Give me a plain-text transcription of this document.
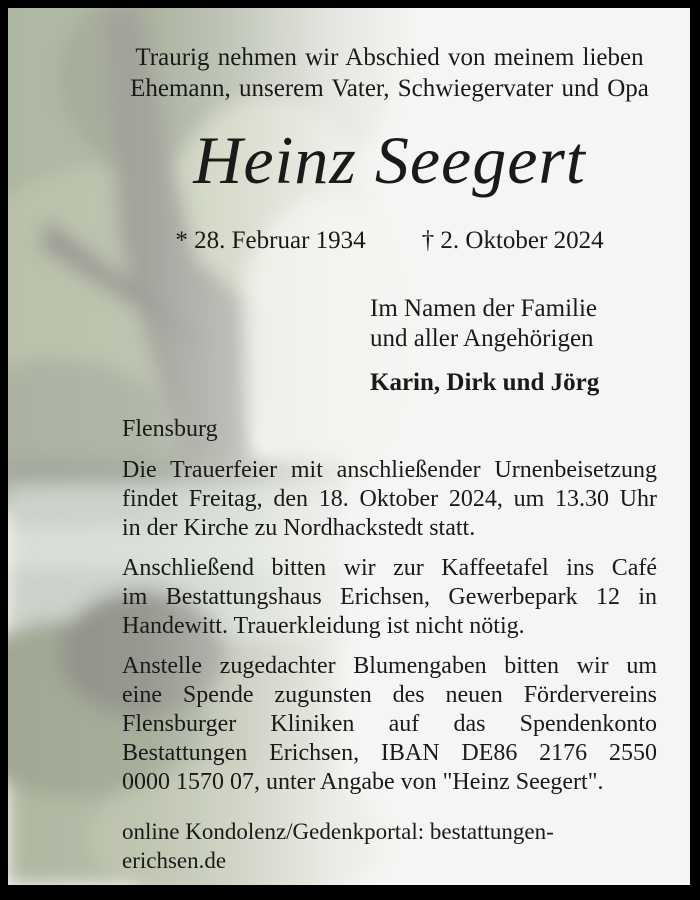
Traurig nehmen wir Abschied von meinem lieben
Ehemann, unserem Vater, Schwiegervater und Opa
Heinz Seegert
* 28. Februar 1934 † 2. Oktober 2024
Im Namen der Familie
und aller Angehörigen
Karin, Dirk und Jörg
Flensburg
Die Trauerfeier mit anschließender Urnenbeisetzung
findet Freitag, den 18. Oktober 2024, um 13.30 Uhr
in der Kirche zu Nordhackstedt statt.
Anschließend bitten wir zur Kaffeetafel ins Café
im Bestattungshaus Erichsen, Gewerbepark 12 in
Handewitt. Trauerkleidung ist nicht nötig.
Anstelle zugedachter Blumengaben bitten wir um
eine Spende zugunsten des neuen Fördervereins
Flensburger Kliniken auf das Spendenkonto
Bestattungen Erichsen, IBAN DE86 2176 2550
0000 1570 07, unter Angabe von "Heinz Seegert".
online Kondolenz/Gedenkportal: bestattungen-erichsen.de
